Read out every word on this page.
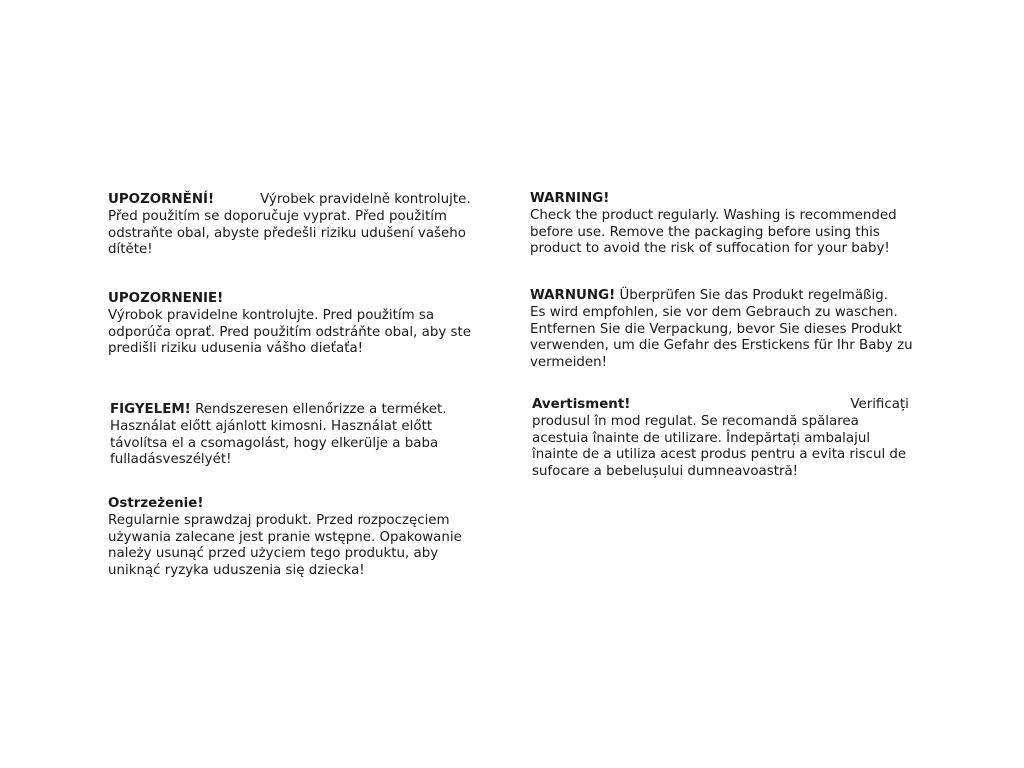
UPOZORNĚNÍ!	Výrobek pravidelně kontrolujte.
Před použitím se doporučuje vyprat. Před použitím
odstraňte obal, abyste předešli riziku udušení vašeho
dítěte!
UPOZORNENIE!
Výrobok pravidelne kontrolujte. Pred použitím sa
odporúča oprať. Pred použitím odstráňte obal, aby ste
predišli riziku udusenia vášho dieťaťa!
FIGYELEM! Rendszeresen ellenőrizze a terméket.
Használat előtt ajánlott kimosni. Használat előtt
távolítsa el a csomagolást, hogy elkerülje a baba
fulladásveszélyét!
Ostrzeżenie!
Regularnie sprawdzaj produkt. Przed rozpoczęciem
używania zalecane jest pranie wstępne. Opakowanie
należy usunąć przed użyciem tego produktu, aby
uniknąć ryzyka uduszenia się dziecka!
WARNING!
Check the product regularly. Washing is recommended
before use. Remove the packaging before using this
product to avoid the risk of suffocation for your baby!
WARNUNG! Überprüfen Sie das Produkt regelmäßig.
Es wird empfohlen, sie vor dem Gebrauch zu waschen.
Entfernen Sie die Verpackung, bevor Sie dieses Produkt
verwenden, um die Gefahr des Erstickens für Ihr Baby zu
vermeiden!
Avertisment!	Verificați
produsul în mod regulat. Se recomandă spălarea
acestuia înainte de utilizare. Îndepărtați ambalajul
înainte de a utiliza acest produs pentru a evita riscul de
sufocare a bebelușului dumneavoastră!
